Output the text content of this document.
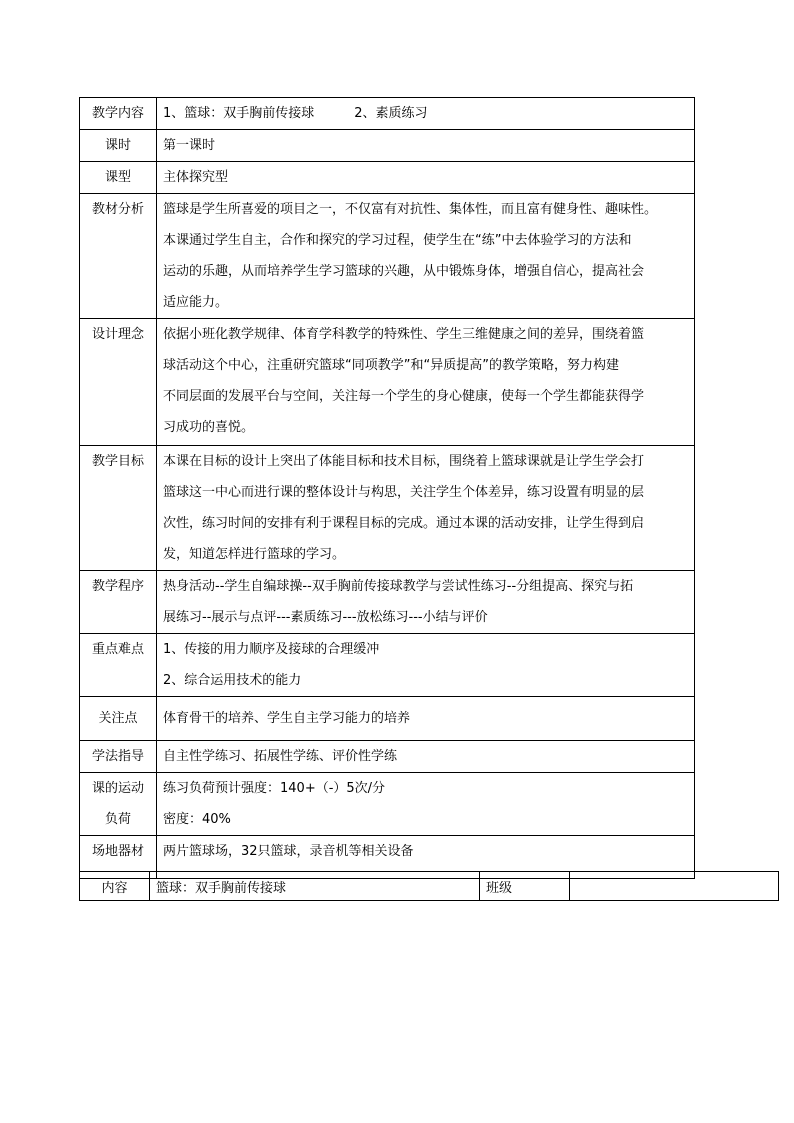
教学内容	1、篮球：双手胸前传接球 2、素质练习
课时	第一课时
课型	主体探究型
教材分析	篮球是学生所喜爱的项目之一，不仅富有对抗性、集体性，而且富有健身性、趣味性。
本课通过学生自主，合作和探究的学习过程，使学生在“练”中去体验学习的方法和
运动的乐趣，从而培养学生学习篮球的兴趣，从中锻炼身体，增强自信心，提高社会
适应能力。

设计理念	依据小班化教学规律、体育学科教学的特殊性、学生三维健康之间的差异，围绕着篮
球活动这个中心，注重研究篮球“同项教学”和“异质提高”的教学策略，努力构建
不同层面的发展平台与空间，关注每一个学生的身心健康，使每一个学生都能获得学
习成功的喜悦。

教学目标	本课在目标的设计上突出了体能目标和技术目标，围绕着上篮球课就是让学生学会打
篮球这一中心而进行课的整体设计与构思，关注学生个体差异，练习设置有明显的层
次性，练习时间的安排有利于课程目标的完成。通过本课的活动安排，让学生得到启
发，知道怎样进行篮球的学习。

教学程序	热身活动--学生自编球操--双手胸前传接球教学与尝试性练习--分组提高、探究与拓
展练习--展示与点评---素质练习---放松练习---小结与评价

重点难点	1、传接的用力顺序及接球的合理缓冲
2、综合运用技术的能力

关注点	体育骨干的培养、学生自主学习能力的培养
学法指导	自主性学练习、拓展性学练、评价性学练

课的运动
负荷	练习负荷预计强度：140+（-）5次/分
密度：40%

场地器材	两片篮球场，32只篮球，录音机等相关设备
内容	篮球：双手胸前传接球	班级	
